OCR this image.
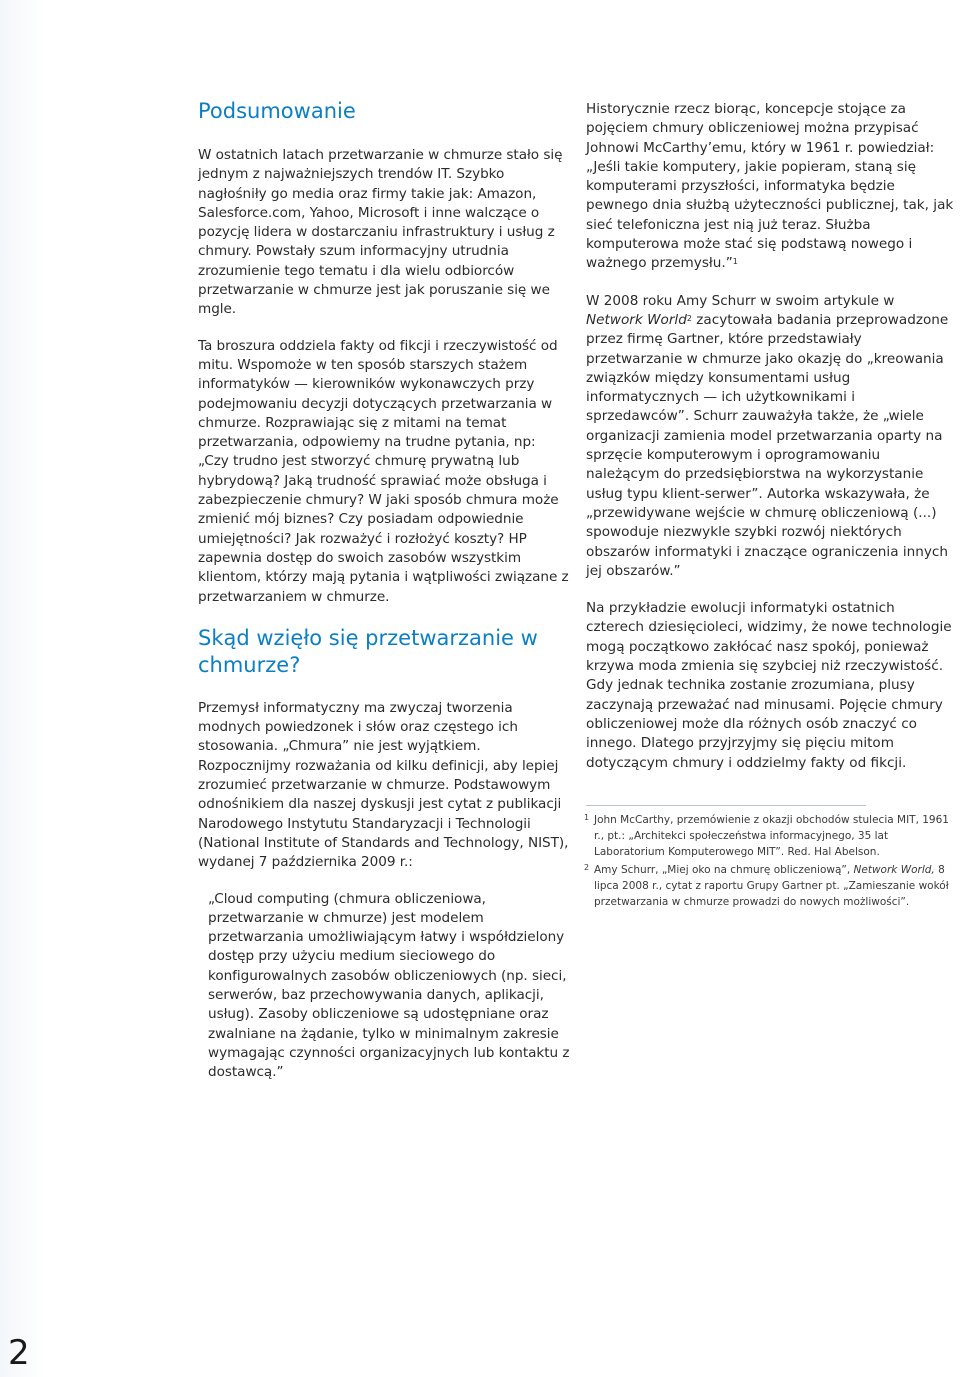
2
Podsumowanie

W ostatnich latach przetwarzanie w chmurze stało się jednym z najważniejszych trendów IT. Szybko nagłośniły go media oraz firmy takie jak: Amazon, Salesforce.com, Yahoo, Microsoft i inne walczące o pozycję lidera w dostarczaniu infrastruktury i usług z chmury. Powstały szum informacyjny utrudnia zrozumienie tego tematu i dla wielu odbiorców przetwarzanie w chmurze jest jak poruszanie się we mgle.

Ta broszura oddziela fakty od fikcji i rzeczywistość od mitu. Wspomoże w ten sposób starszych stażem informatyków — kierowników wykonawczych przy podejmowaniu decyzji dotyczących przetwarzania w chmurze. Rozprawiając się z mitami na temat przetwarzania, odpowiemy na trudne pytania, np: „Czy trudno jest stworzyć chmurę prywatną lub hybrydową? Jaką trudność sprawiać może obsługa i zabezpieczenie chmury? W jaki sposób chmura może zmienić mój biznes? Czy posiadam odpowiednie umiejętności? Jak rozważyć i rozłożyć koszty? HP zapewnia dostęp do swoich zasobów wszystkim klientom, którzy mają pytania i wątpliwości związane z przetwarzaniem w chmurze.

Skąd wzięło się przetwarzanie w chmurze?

Przemysł informatyczny ma zwyczaj tworzenia modnych powiedzonek i słów oraz częstego ich stosowania. „Chmura” nie jest wyjątkiem. Rozpocznijmy rozważania od kilku definicji, aby lepiej zrozumieć przetwarzanie w chmurze. Podstawowym odnośnikiem dla naszej dyskusji jest cytat z publikacji Narodowego Instytutu Standaryzacji i Technologii (National Institute of Standards and Technology, NIST), wydanej 7 października 2009 r.:

„Cloud computing (chmura obliczeniowa, przetwarzanie w chmurze) jest modelem przetwarzania umożliwiającym łatwy i współdzielony dostęp przy użyciu medium sieciowego do konfigurowalnych zasobów obliczeniowych (np. sieci, serwerów, baz przechowywania danych, aplikacji, usług). Zasoby obliczeniowe są udostępniane oraz zwalniane na żądanie, tylko w minimalnym zakresie wymagając czynności organizacyjnych lub kontaktu z dostawcą.”

Historycznie rzecz biorąc, koncepcje stojące za pojęciem chmury obliczeniowej można przypisać Johnowi McCarthy’emu, który w 1961 r. powiedział: „Jeśli takie komputery, jakie popieram, staną się komputerami przyszłości, informatyka będzie pewnego dnia służbą użyteczności publicznej, tak, jak sieć telefoniczna jest nią już teraz. Służba komputerowa może stać się podstawą nowego i ważnego przemysłu.”$^1$

W 2008 roku Amy Schurr w swoim artykule w Network World$^2$ zacytowała badania przeprowadzone przez firmę Gartner, które przedstawiały przetwarzanie w chmurze jako okazję do „kreowania związków między konsumentami usług informatycznych — ich użytkownikami i sprzedawców”. Schurr zauważyła także, że „wiele organizacji zamienia model przetwarzania oparty na sprzęcie komputerowym i oprogramowaniu należącym do przedsiębiorstwa na wykorzystanie usług typu klient-serwer”. Autorka wskazywała, że „przewidywane wejście w chmurę obliczeniową (...) spowoduje niezwykle szybki rozwój niektórych obszarów informatyki i znaczące ograniczenia innych jej obszarów.”

Na przykładzie ewolucji informatyki ostatnich czterech dziesięcioleci, widzimy, że nowe technologie mogą początkowo zakłócać nasz spokój, ponieważ krzywa moda zmienia się szybciej niż rzeczywistość. Gdy jednak technika zostanie zrozumiana, plusy zaczynają przeważać nad minusami. Pojęcie chmury obliczeniowej może dla różnych osób znaczyć co innego. Dlatego przyjrzyjmy się pięciu mitom dotyczącym chmury i oddzielmy fakty od fikcji.

1 John McCarthy, przemówienie z okazji obchodów stulecia MIT, 1961 r., pt.: „Architekci społeczeństwa informacyjnego, 35 lat Laboratorium Komputerowego MIT”. Red. Hal Abelson.
2 Amy Schurr, „Miej oko na chmurę obliczeniową”, Network World, 8 lipca 2008 r., cytat z raportu Grupy Gartner pt. „Zamieszanie wokół przetwarzania w chmurze prowadzi do nowych możliwości”.
